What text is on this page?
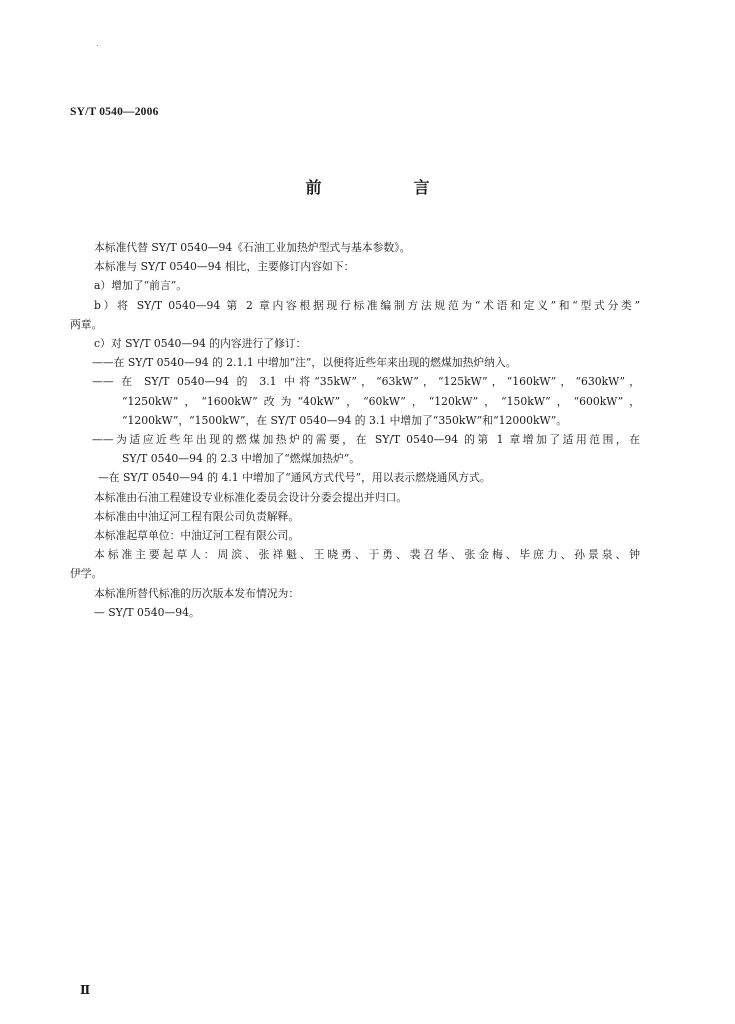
SY/T 0540—2006
前　言

本标准代替 SY/T 0540—94《石油工业加热炉型式与基本参数》。

本标准与 SY/T 0540—94 相比，主要修订内容如下：

a）增加了“前言”。

b）将 SY/T 0540—94 第 2 章内容根据现行标准编制方法规范为“术语和定义”和“型式分类”

两章。

c）对 SY/T 0540—94 的内容进行了修订：

——在 SY/T 0540—94 的 2.1.1 中增加“注”，以便将近些年来出现的燃煤加热炉纳入。

—— 在 SY/T 0540—94 的 3.1 中将“35kW”，“63kW”，“125kW”，“160kW”，“630kW”，

“1250kW”，“1600kW”改为“40kW”，“60kW”，“120kW”，“150kW”，“600kW”，

“1200kW”，“1500kW”，在 SY/T 0540—94 的 3.1 中增加了“350kW”和“12000kW”。

——为适应近些年出现的燃煤加热炉的需要，在 SY/T 0540—94 的第 1 章增加了适用范围，在

SY/T 0540—94 的 2.3 中增加了“燃煤加热炉”。

—在 SY/T 0540—94 的 4.1 中增加了“通风方式代号”，用以表示燃烧通风方式。

本标准由石油工程建设专业标准化委员会设计分委会提出并归口。

本标准由中油辽河工程有限公司负责解释。

本标准起草单位：中油辽河工程有限公司。

本标准主要起草人：周滨、张祥魁、王晓勇、于勇、裴召华、张金梅、毕庶力、孙景泉、钟

伊学。

本标准所替代标准的历次版本发布情况为：

— SY/T 0540—94。

Ⅱ
